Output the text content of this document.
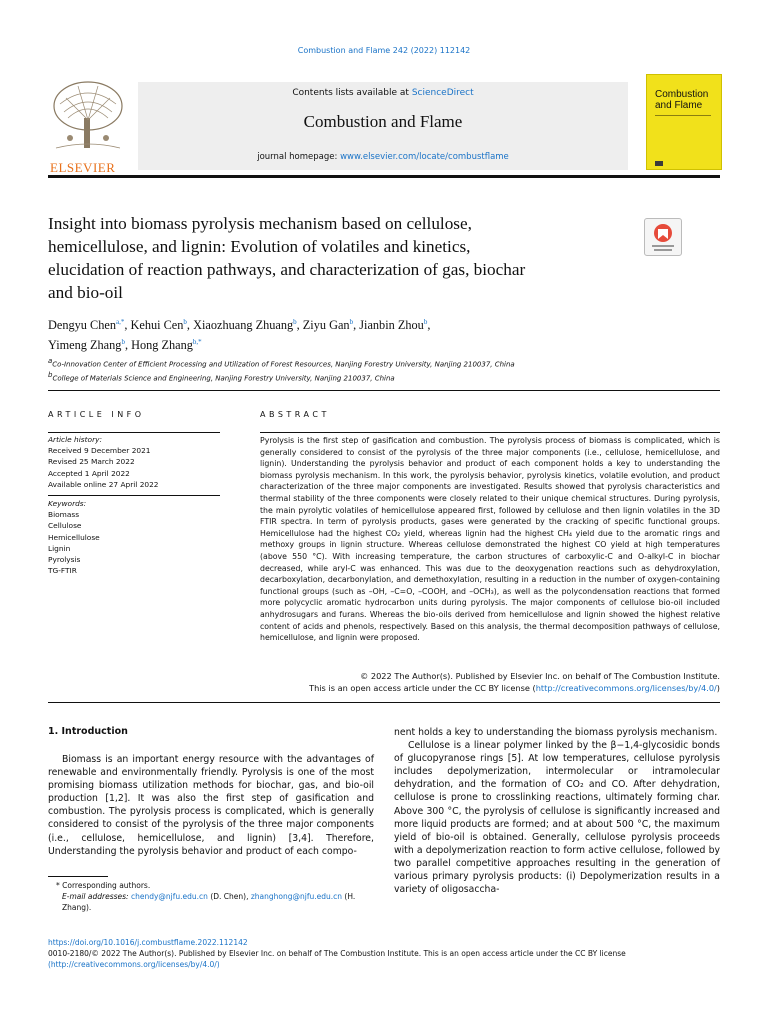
Combustion and Flame 242 (2022) 112142
ELSEVIER
Contents lists available at ScienceDirect
Combustion and Flame
journal homepage: www.elsevier.com/locate/combustflame
Combustion
and Flame
Insight into biomass pyrolysis mechanism based on cellulose,
hemicellulose, and lignin: Evolution of volatiles and kinetics,
elucidation of reaction pathways, and characterization of gas, biochar
and bio-oil
Dengyu Chen$^{a,*}$, Kehui Cen$^b$, Xiaozhuang Zhuang$^b$, Ziyu Gan$^b$, Jianbin Zhou$^b$,
Yimeng Zhang$^b$, Hong Zhang$^{b,*}$
$^a$Co-Innovation Center of Efficient Processing and Utilization of Forest Resources, Nanjing Forestry University, Nanjing 210037, China
$^b$College of Materials Science and Engineering, Nanjing Forestry University, Nanjing 210037, China
ARTICLE INFO
Article history:
Received 9 December 2021
Revised 25 March 2022
Accepted 1 April 2022
Available online 27 April 2022
Keywords:
Biomass
Cellulose
Hemicellulose
Lignin
Pyrolysis
TG-FTIR
ABSTRACT
Pyrolysis is the first step of gasification and combustion. The pyrolysis process of biomass is complicated, which is generally considered to consist of the pyrolysis of the three major components (i.e., cellulose, hemicellulose, and lignin). Understanding the pyrolysis behavior and product of each component holds a key to understanding the biomass pyrolysis mechanism. In this work, the pyrolysis behavior, pyrolysis kinetics, volatile evolution, and product characterization of the three major components are investigated. Results showed that pyrolysis characteristics and thermal stability of the three components were closely related to their unique chemical structures. During pyrolysis, the main pyrolytic volatiles of hemicellulose appeared first, followed by cellulose and then lignin volatiles in the 3D FTIR spectra. In term of pyrolysis products, gases were generated by the cracking of specific functional groups. Hemicellulose had the highest CO₂ yield, whereas lignin had the highest CH₄ yield due to the aromatic rings and methoxy groups in lignin structure. Whereas cellulose demonstrated the highest CO yield at high temperatures (above 550 °C). With increasing temperature, the carbon structures of carboxylic-C and O-alkyl-C in biochar decreased, while aryl-C was enhanced. This was due to the deoxygenation reactions such as dehydroxylation, decarboxylation, decarbonylation, and demethoxylation, resulting in a reduction in the number of oxygen-containing functional groups (such as –OH, –C=O, –COOH, and –OCH₃), as well as the polycondensation reactions that formed more polycyclic aromatic hydrocarbon units during pyrolysis. The major components of cellulose bio-oil included anhydrosugars and furans. Whereas the bio-oils derived from hemicellulose and lignin showed the highest relative content of acids and phenols, respectively. Based on this analysis, the thermal decomposition pathways of cellulose, hemicellulose, and lignin were proposed.
© 2022 The Author(s). Published by Elsevier Inc. on behalf of The Combustion Institute.
This is an open access article under the CC BY license (http://creativecommons.org/licenses/by/4.0/)
1. Introduction

Biomass is an important energy resource with the advantages of renewable and environmentally friendly. Pyrolysis is one of the most promising biomass utilization methods for biochar, gas, and bio-oil production [1,2]. It was also the first step of gasification and combustion. The pyrolysis process is complicated, which is generally considered to consist of the pyrolysis of the three major components (i.e., cellulose, hemicellulose, and lignin) [3,4]. Therefore, Understanding the pyrolysis behavior and product of each compo-

nent holds a key to understanding the biomass pyrolysis mechanism.

Cellulose is a linear polymer linked by the β−1,4-glycosidic bonds of glucopyranose rings [5]. At low temperatures, cellulose pyrolysis includes depolymerization, intermolecular or intramolecular dehydration, and the formation of CO₂ and CO. After dehydration, cellulose is prone to crosslinking reactions, ultimately forming char. Above 300 °C, the pyrolysis of cellulose is significantly increased and more liquid products are formed; and at about 500 °C, the maximum yield of bio-oil is obtained. Generally, cellulose pyrolysis proceeds with a depolymerization reaction to form active cellulose, followed by two parallel competitive approaches resulting in the generation of various primary pyrolysis products: (i) Depolymerization results in a variety of oligosaccha-

* Corresponding authors.
E-mail addresses: chendy@njfu.edu.cn (D. Chen), zhanghong@njfu.edu.cn (H. Zhang).
https://doi.org/10.1016/j.combustflame.2022.112142
0010-2180/© 2022 The Author(s). Published by Elsevier Inc. on behalf of The Combustion Institute. This is an open access article under the CC BY license
(http://creativecommons.org/licenses/by/4.0/)
